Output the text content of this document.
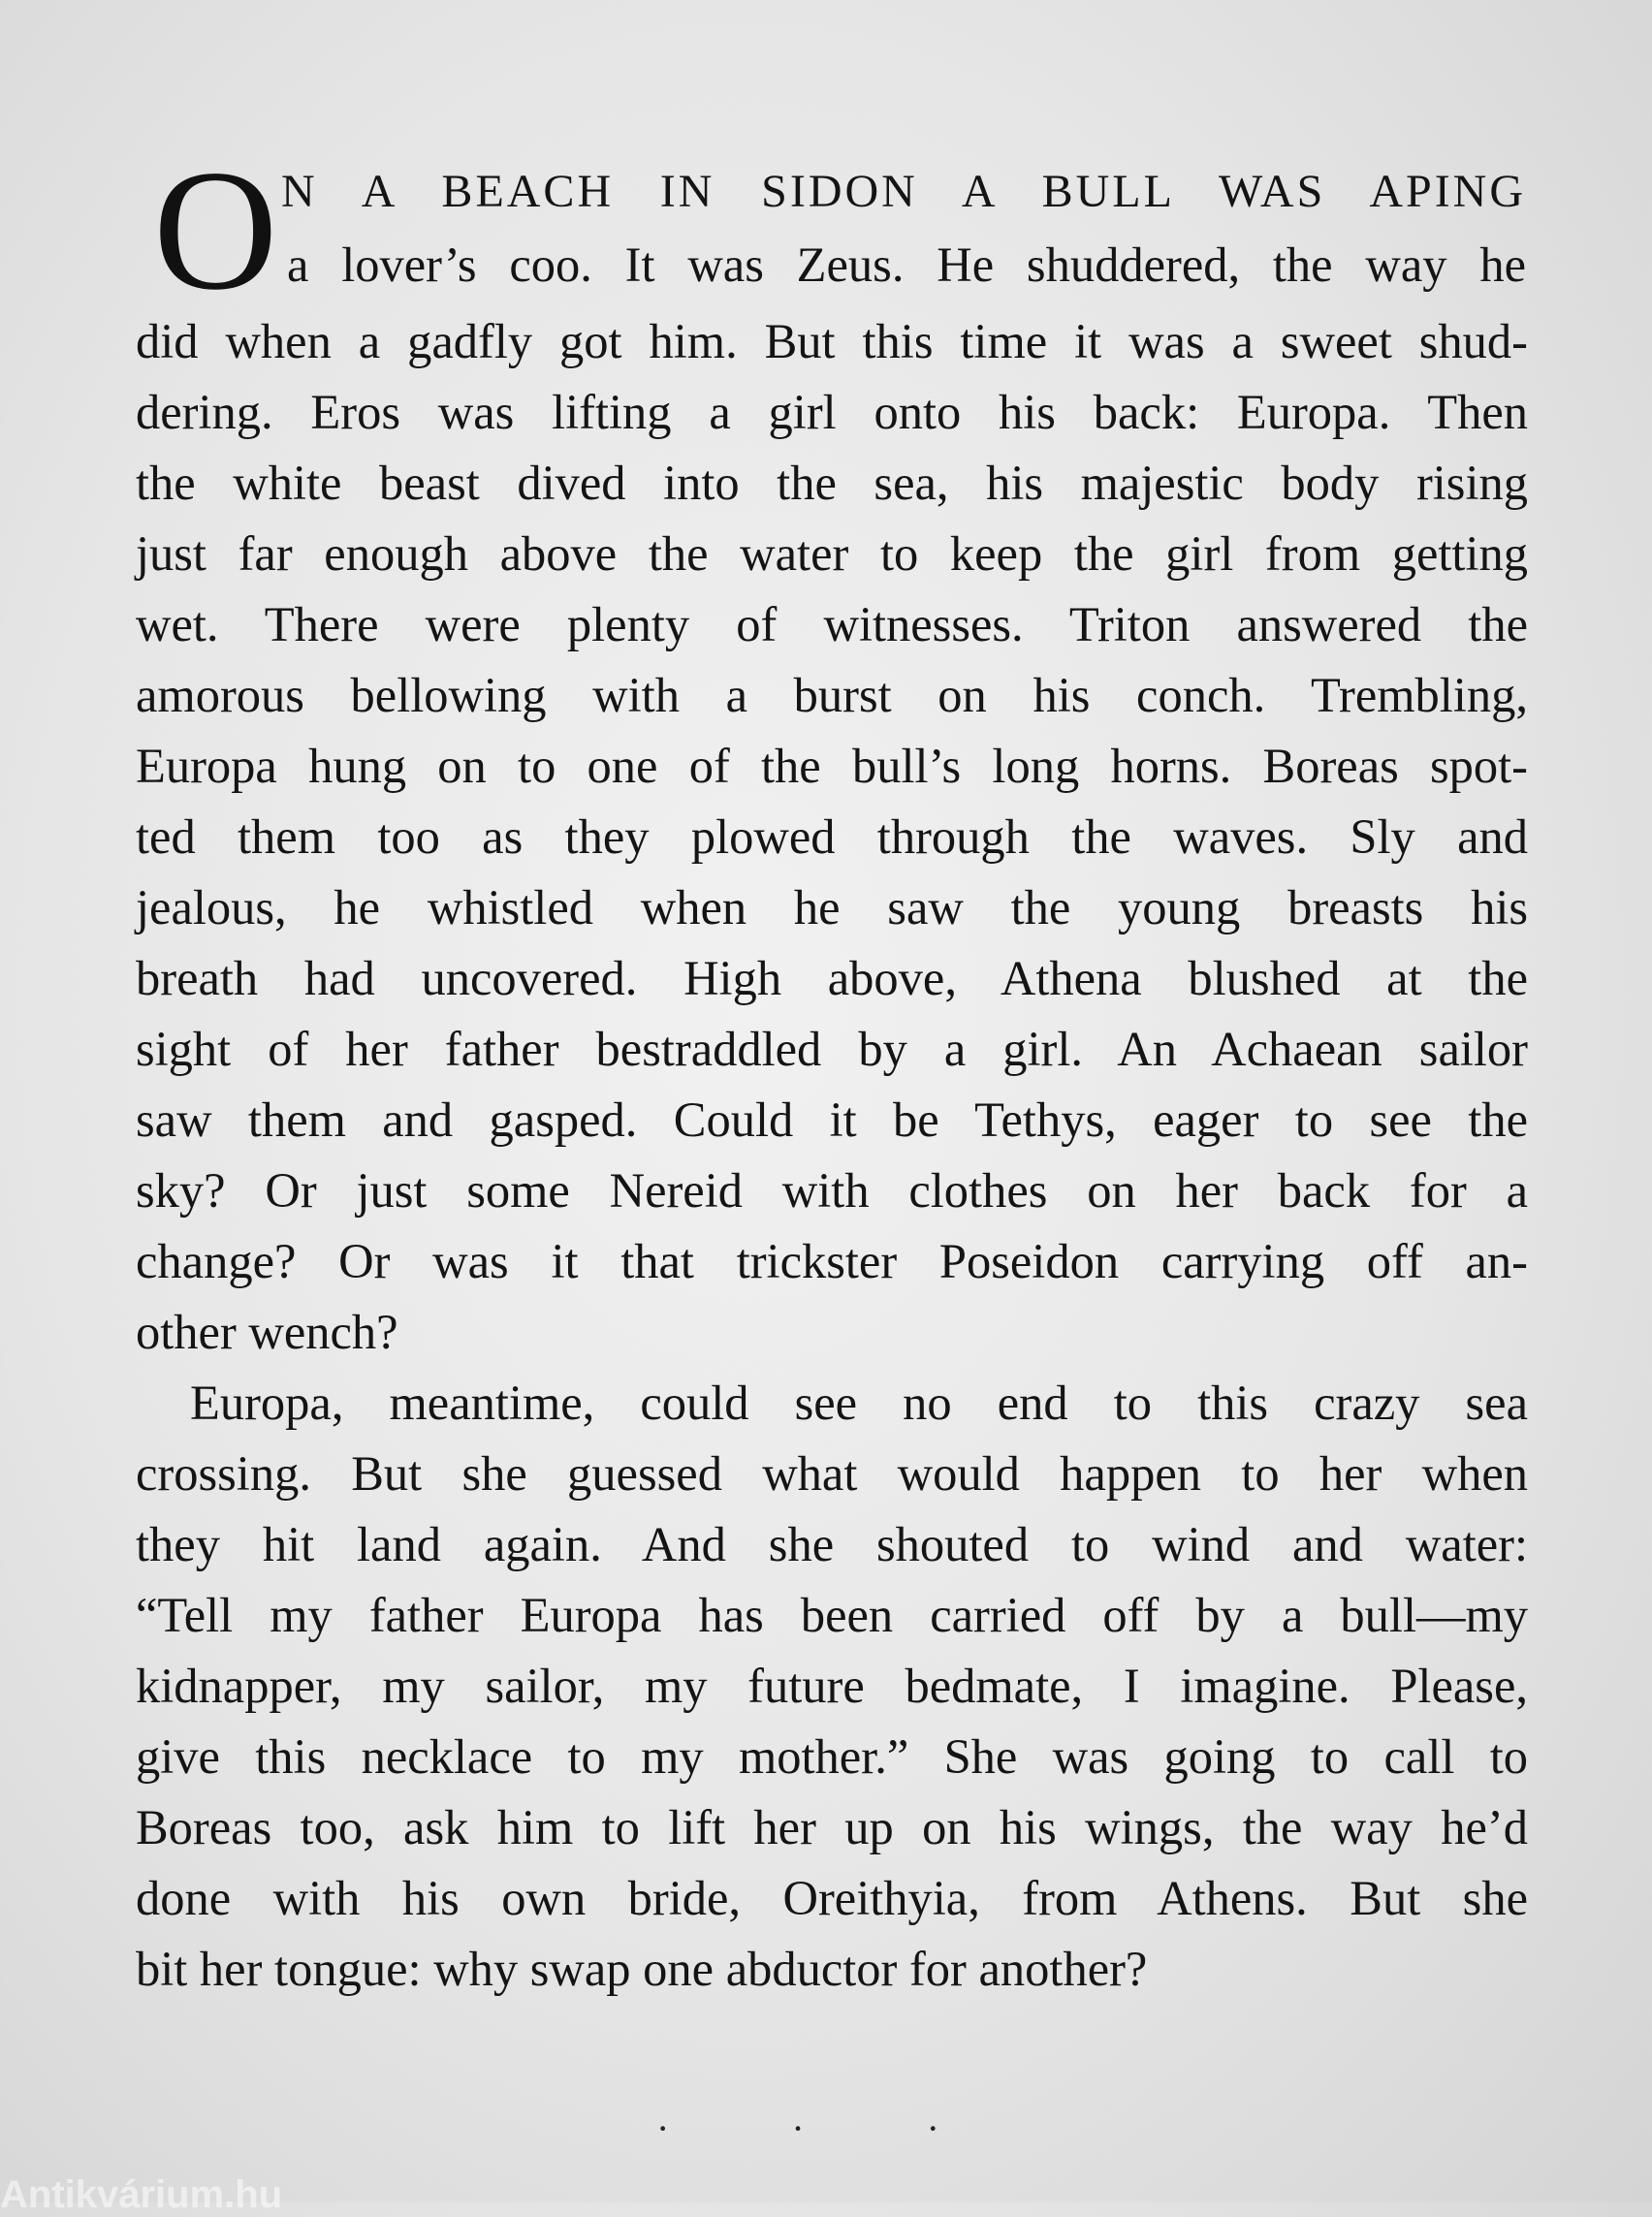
O N A BEACH IN SIDON A BULL WAS APING
a lover’s coo. It was Zeus. He shuddered, the way he
did when a gadfly got him. But this time it was a sweet shud-
dering. Eros was lifting a girl onto his back: Europa. Then
the white beast dived into the sea, his majestic body rising
just far enough above the water to keep the girl from getting
wet. There were plenty of witnesses. Triton answered the
amorous bellowing with a burst on his conch. Trembling,
Europa hung on to one of the bull’s long horns. Boreas spot-
ted them too as they plowed through the waves. Sly and
jealous, he whistled when he saw the young breasts his
breath had uncovered. High above, Athena blushed at the
sight of her father bestraddled by a girl. An Achaean sailor
saw them and gasped. Could it be Tethys, eager to see the
sky? Or just some Nereid with clothes on her back for a
change? Or was it that trickster Poseidon carrying off an-
other wench?
Europa, meantime, could see no end to this crazy sea
crossing. But she guessed what would happen to her when
they hit land again. And she shouted to wind and water:
“Tell my father Europa has been carried off by a bull—my
kidnapper, my sailor, my future bedmate, I imagine. Please,
give this necklace to my mother.” She was going to call to
Boreas too, ask him to lift her up on his wings, the way he’d
done with his own bride, Oreithyia, from Athens. But she
bit her tongue: why swap one abductor for another?
· · ·
Antikvárium.hu
